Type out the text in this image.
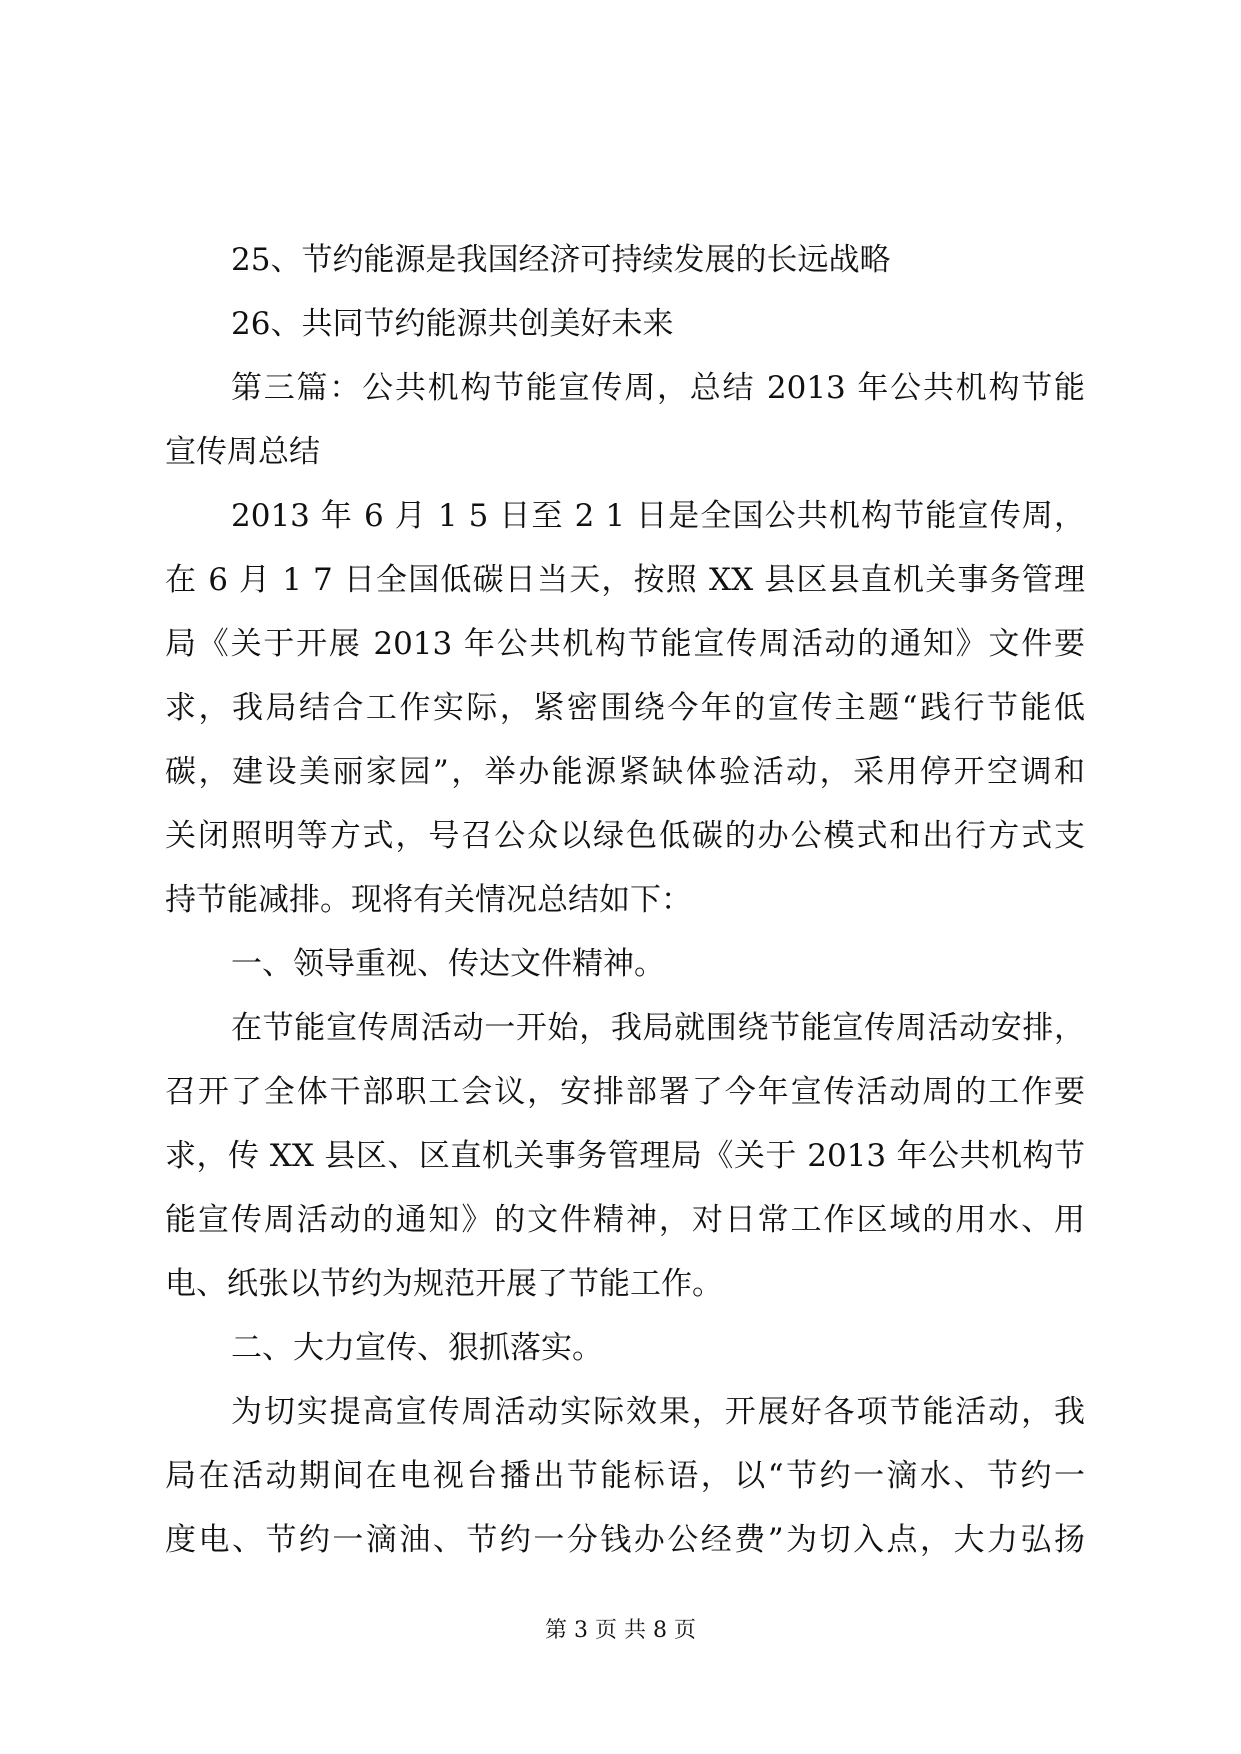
25、节约能源是我国经济可持续发展的长远战略
26、共同节约能源共创美好未来
第三篇：公共机构节能宣传周，总结 2013 年公共机构节能
宣传周总结
2013 年 6 月 1 5 日至 2 1 日是全国公共机构节能宣传周，
在 6 月 1 7 日全国低碳日当天，按照 XX 县区县直机关事务管理
局《关于开展 2013 年公共机构节能宣传周活动的通知》文件要
求，我局结合工作实际，紧密围绕今年的宣传主题“践行节能低
碳，建设美丽家园”，举办能源紧缺体验活动，采用停开空调和
关闭照明等方式，号召公众以绿色低碳的办公模式和出行方式支
持节能减排。现将有关情况总结如下：
一、领导重视、传达文件精神。
在节能宣传周活动一开始，我局就围绕节能宣传周活动安排，
召开了全体干部职工会议，安排部署了今年宣传活动周的工作要
求，传 XX 县区、区直机关事务管理局《关于 2013 年公共机构节
能宣传周活动的通知》的文件精神，对日常工作区域的用水、用
电、纸张以节约为规范开展了节能工作。
二、大力宣传、狠抓落实。
为切实提高宣传周活动实际效果，开展好各项节能活动，我
局在活动期间在电视台播出节能标语，以“节约一滴水、节约一
度电、节约一滴油、节约一分钱办公经费”为切入点，大力弘扬
第 3 页 共 8 页
